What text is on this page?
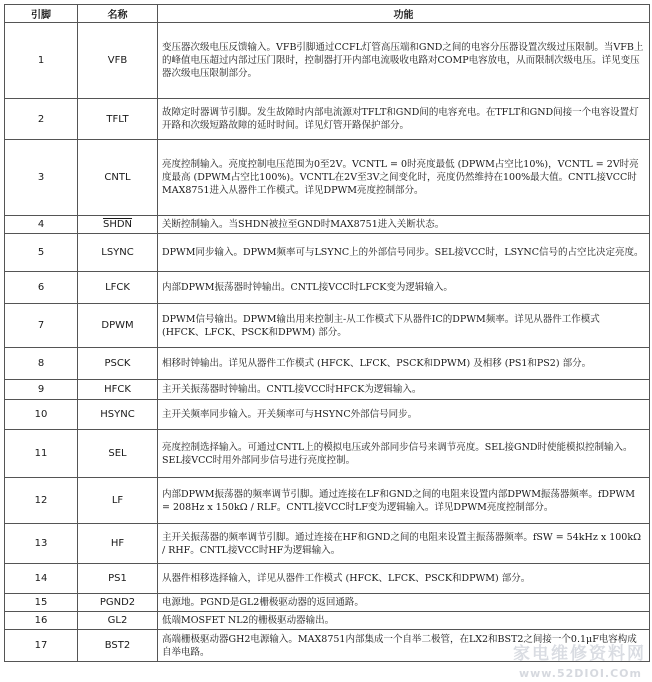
引脚	名称	功能
1	VFB	变压器次级电压反馈输入。VFB引脚通过CCFL灯管高压端和GND之间的电容分压器设置次级过压限制。当VFB上的峰值电压超过内部过压门限时，控制器打开内部电流吸收电路对COMP电容放电，从而限制次级电压。详见变压器次级电压限制部分。
2	TFLT	故障定时器调节引脚。发生故障时内部电流源对TFLT和GND间的电容充电。在TFLT和GND间接一个电容设置灯开路和次级短路故障的延时时间。详见灯管开路保护部分。
3	CNTL	亮度控制输入。亮度控制电压范围为0至2V。VCNTL = 0时亮度最低 (DPWM占空比10%)，VCNTL = 2V时亮度最高 (DPWM占空比100%)。VCNTL在2V至3V之间变化时，亮度仍然维持在100%最大值。CNTL接VCC时MAX8751进入从器件工作模式。详见DPWM亮度控制部分。
4	SHDN	关断控制输入。当SHDN被拉至GND时MAX8751进入关断状态。
5	LSYNC	DPWM同步输入。DPWM频率可与LSYNC上的外部信号同步。SEL接VCC时，LSYNC信号的占空比决定亮度。
6	LFCK	内部DPWM振荡器时钟输出。CNTL接VCC时LFCK变为逻辑输入。
7	DPWM	DPWM信号输出。DPWM输出用来控制主-从工作模式下从器件IC的DPWM频率。详见从器件工作模式 (HFCK、LFCK、PSCK和DPWM) 部分。
8	PSCK	相移时钟输出。详见从器件工作模式 (HFCK、LFCK、PSCK和DPWM) 及相移 (PS1和PS2) 部分。
9	HFCK	主开关振荡器时钟输出。CNTL接VCC时HFCK为逻辑输入。
10	HSYNC	主开关频率同步输入。开关频率可与HSYNC外部信号同步。
11	SEL	亮度控制选择输入。可通过CNTL上的模拟电压或外部同步信号来调节亮度。SEL接GND时使能模拟控制输入。SEL接VCC时用外部同步信号进行亮度控制。
12	LF	内部DPWM振荡器的频率调节引脚。通过连接在LF和GND之间的电阻来设置内部DPWM振荡器频率。fDPWM = 208Hz x 150kΩ / RLF。CNTL接VCC时LF变为逻辑输入。详见DPWM亮度控制部分。
13	HF	主开关振荡器的频率调节引脚。通过连接在HF和GND之间的电阻来设置主振荡器频率。fSW = 54kHz x 100kΩ / RHF。CNTL接VCC时HF为逻辑输入。
14	PS1	从器件相移选择输入，详见从器件工作模式 (HFCK、LFCK、PSCK和DPWM) 部分。
15	PGND2	电源地。PGND是GL2栅极驱动器的返回通路。
16	GL2	低端MOSFET NL2的栅极驱动器输出。
17	BST2	高端栅极驱动器GH2电源输入。MAX8751内部集成一个自举二极管，在LX2和BST2之间接一个0.1μF电容构成自举电路。	家电维修资料网
www.52DIOI.COm
